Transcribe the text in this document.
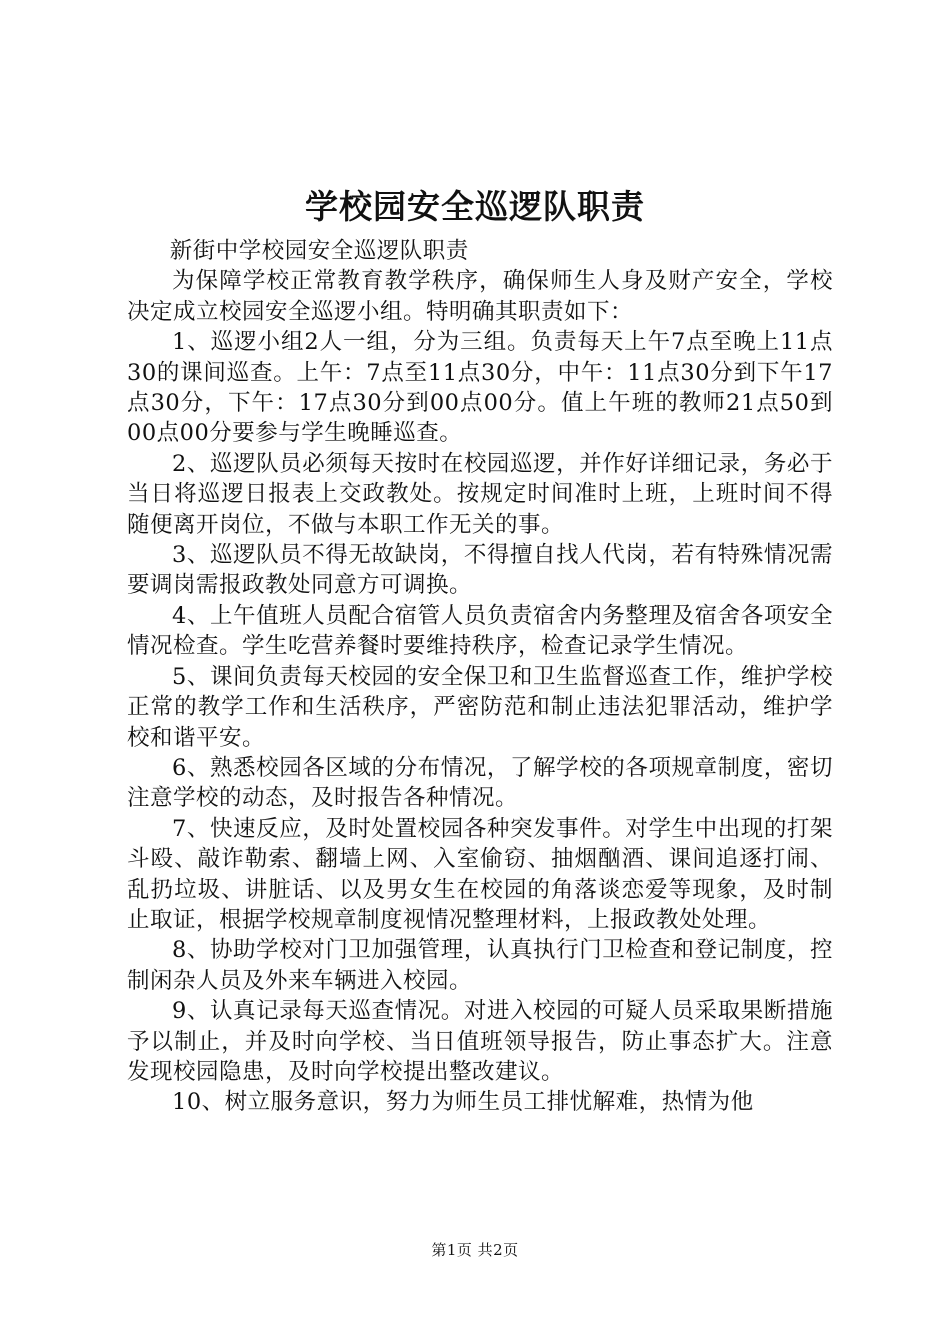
学校园安全巡逻队职责

新街中学校园安全巡逻队职责

为保障学校正常教育教学秩序，确保师生人身及财产安全，学校决定成立校园安全巡逻小组。特明确其职责如下：

1、巡逻小组2人一组，分为三组。负责每天上午7点至晚上11点30的课间巡查。上午：7点至11点30分，中午：11点30分到下午17点30分，下午：17点30分到00点00分。值上午班的教师21点50到00点00分要参与学生晚睡巡查。

2、巡逻队员必须每天按时在校园巡逻，并作好详细记录，务必于当日将巡逻日报表上交政教处。按规定时间准时上班，上班时间不得随便离开岗位，不做与本职工作无关的事。

3、巡逻队员不得无故缺岗，不得擅自找人代岗，若有特殊情况需要调岗需报政教处同意方可调换。

4、上午值班人员配合宿管人员负责宿舍内务整理及宿舍各项安全情况检查。学生吃营养餐时要维持秩序，检查记录学生情况。

5、课间负责每天校园的安全保卫和卫生监督巡查工作，维护学校正常的教学工作和生活秩序，严密防范和制止违法犯罪活动，维护学校和谐平安。

6、熟悉校园各区域的分布情况，了解学校的各项规章制度，密切注意学校的动态，及时报告各种情况。

7、快速反应，及时处置校园各种突发事件。对学生中出现的打架斗殴、敲诈勒索、翻墙上网、入室偷窃、抽烟酗酒、课间追逐打闹、乱扔垃圾、讲脏话、以及男女生在校园的角落谈恋爱等现象，及时制止取证，根据学校规章制度视情况整理材料，上报政教处处理。

8、协助学校对门卫加强管理，认真执行门卫检查和登记制度，控制闲杂人员及外来车辆进入校园。

9、认真记录每天巡查情况。对进入校园的可疑人员采取果断措施予以制止，并及时向学校、当日值班领导报告，防止事态扩大。注意发现校园隐患，及时向学校提出整改建议。

10、树立服务意识，努力为师生员工排忧解难，热情为他

第1页 共2页
